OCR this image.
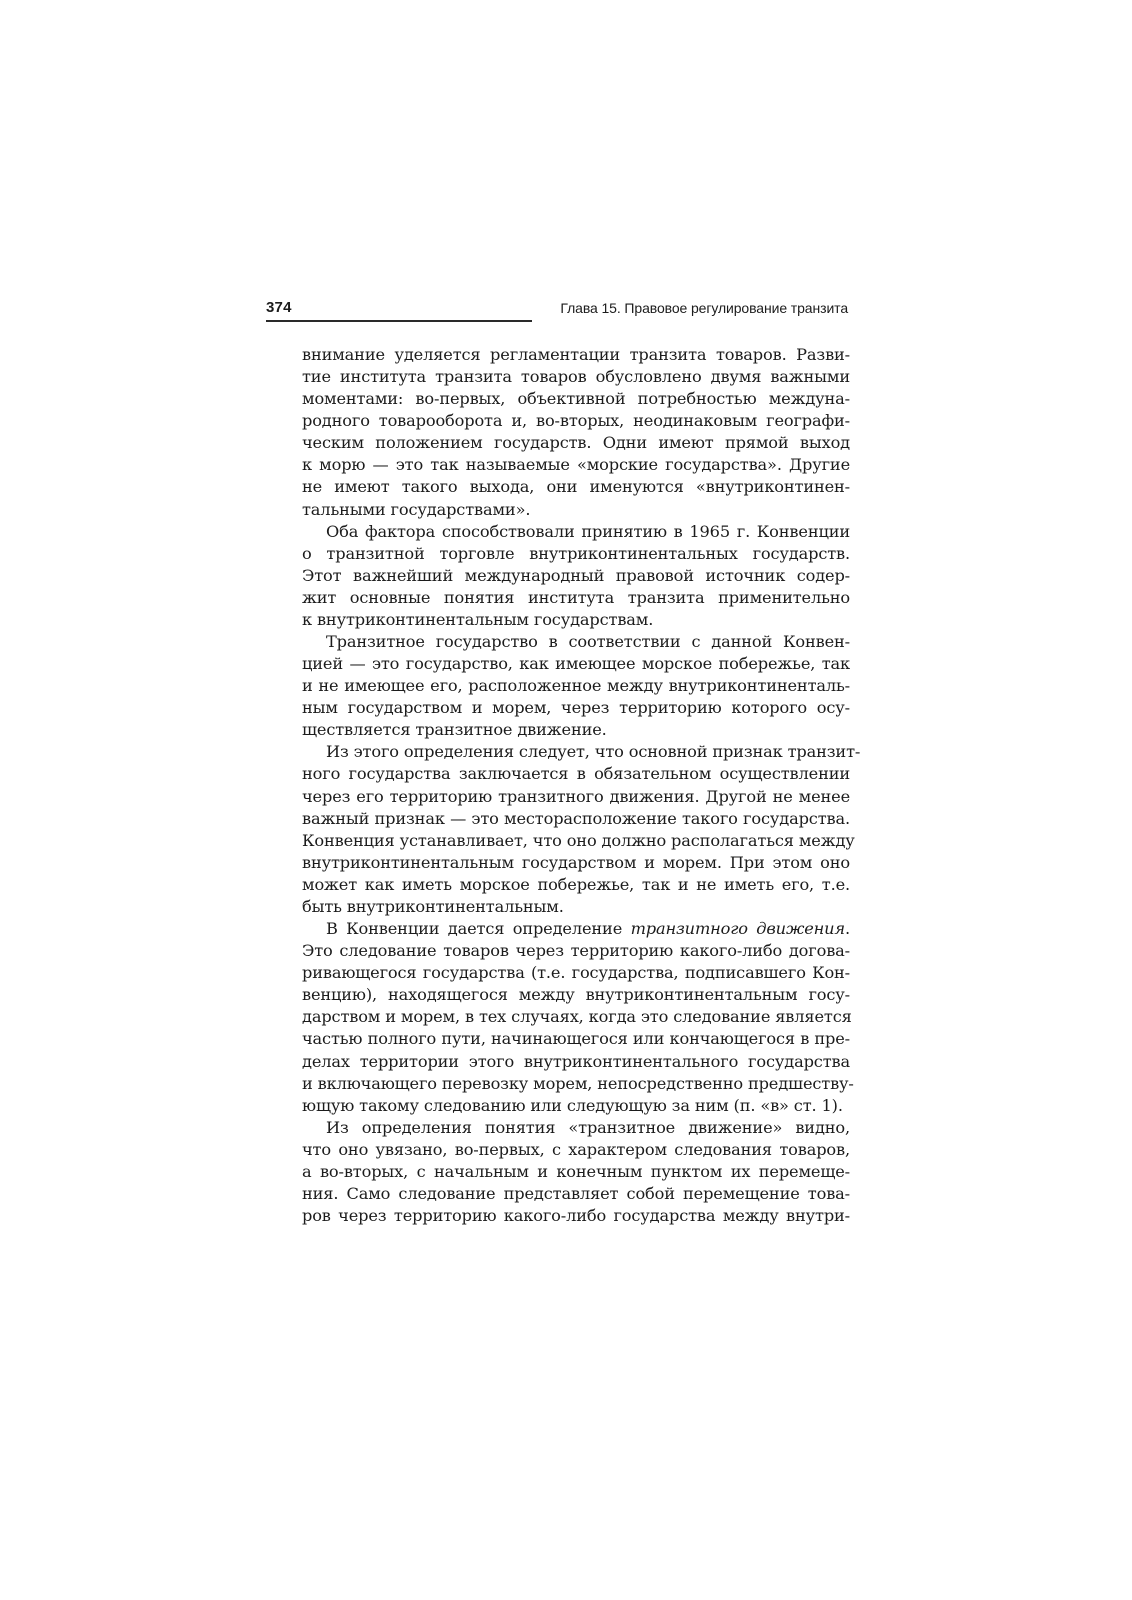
374	Глава 15. Правовое регулирование транзита
внимание уделяется регламентации транзита товаров. Разви-
тие института транзита товаров обусловлено двумя важными
моментами: во-первых, объективной потребностью междуна-
родного товарооборота и, во-вторых, неодинаковым географи-
ческим положением государств. Одни имеют прямой выход
к морю — это так называемые «морские государства». Другие
не имеют такого выхода, они именуются «внутриконтинен-
тальными государствами».
Оба фактора способствовали принятию в 1965 г. Конвенции
о транзитной торговле внутриконтинентальных государств.
Этот важнейший международный правовой источник содер-
жит основные понятия института транзита применительно
к внутриконтинентальным государствам.
Транзитное государство в соответствии с данной Конвен-
цией — это государство, как имеющее морское побережье, так
и не имеющее его, расположенное между внутриконтиненталь-
ным государством и морем, через территорию которого осу-
ществляется транзитное движение.
Из этого определения следует, что основной признак транзит-
ного государства заключается в обязательном осуществлении
через его территорию транзитного движения. Другой не менее
важный признак — это месторасположение такого государства.
Конвенция устанавливает, что оно должно располагаться между
внутриконтинентальным государством и морем. При этом оно
может как иметь морское побережье, так и не иметь его, т.е.
быть внутриконтинентальным.
В Конвенции дается определение транзитного движения.
Это следование товаров через территорию какого-либо догова-
ривающегося государства (т.е. государства, подписавшего Кон-
венцию), находящегося между внутриконтинентальным госу-
дарством и морем, в тех случаях, когда это следование является
частью полного пути, начинающегося или кончающегося в пре-
делах территории этого внутриконтинентального государства
и включающего перевозку морем, непосредственно предшеству-
ющую такому следованию или следующую за ним (п. «в» ст. 1).
Из определения понятия «транзитное движение» видно,
что оно увязано, во-первых, с характером следования товаров,
а во-вторых, с начальным и конечным пунктом их перемеще-
ния. Само следование представляет собой перемещение това-
ров через территорию какого-либо государства между внутри-
